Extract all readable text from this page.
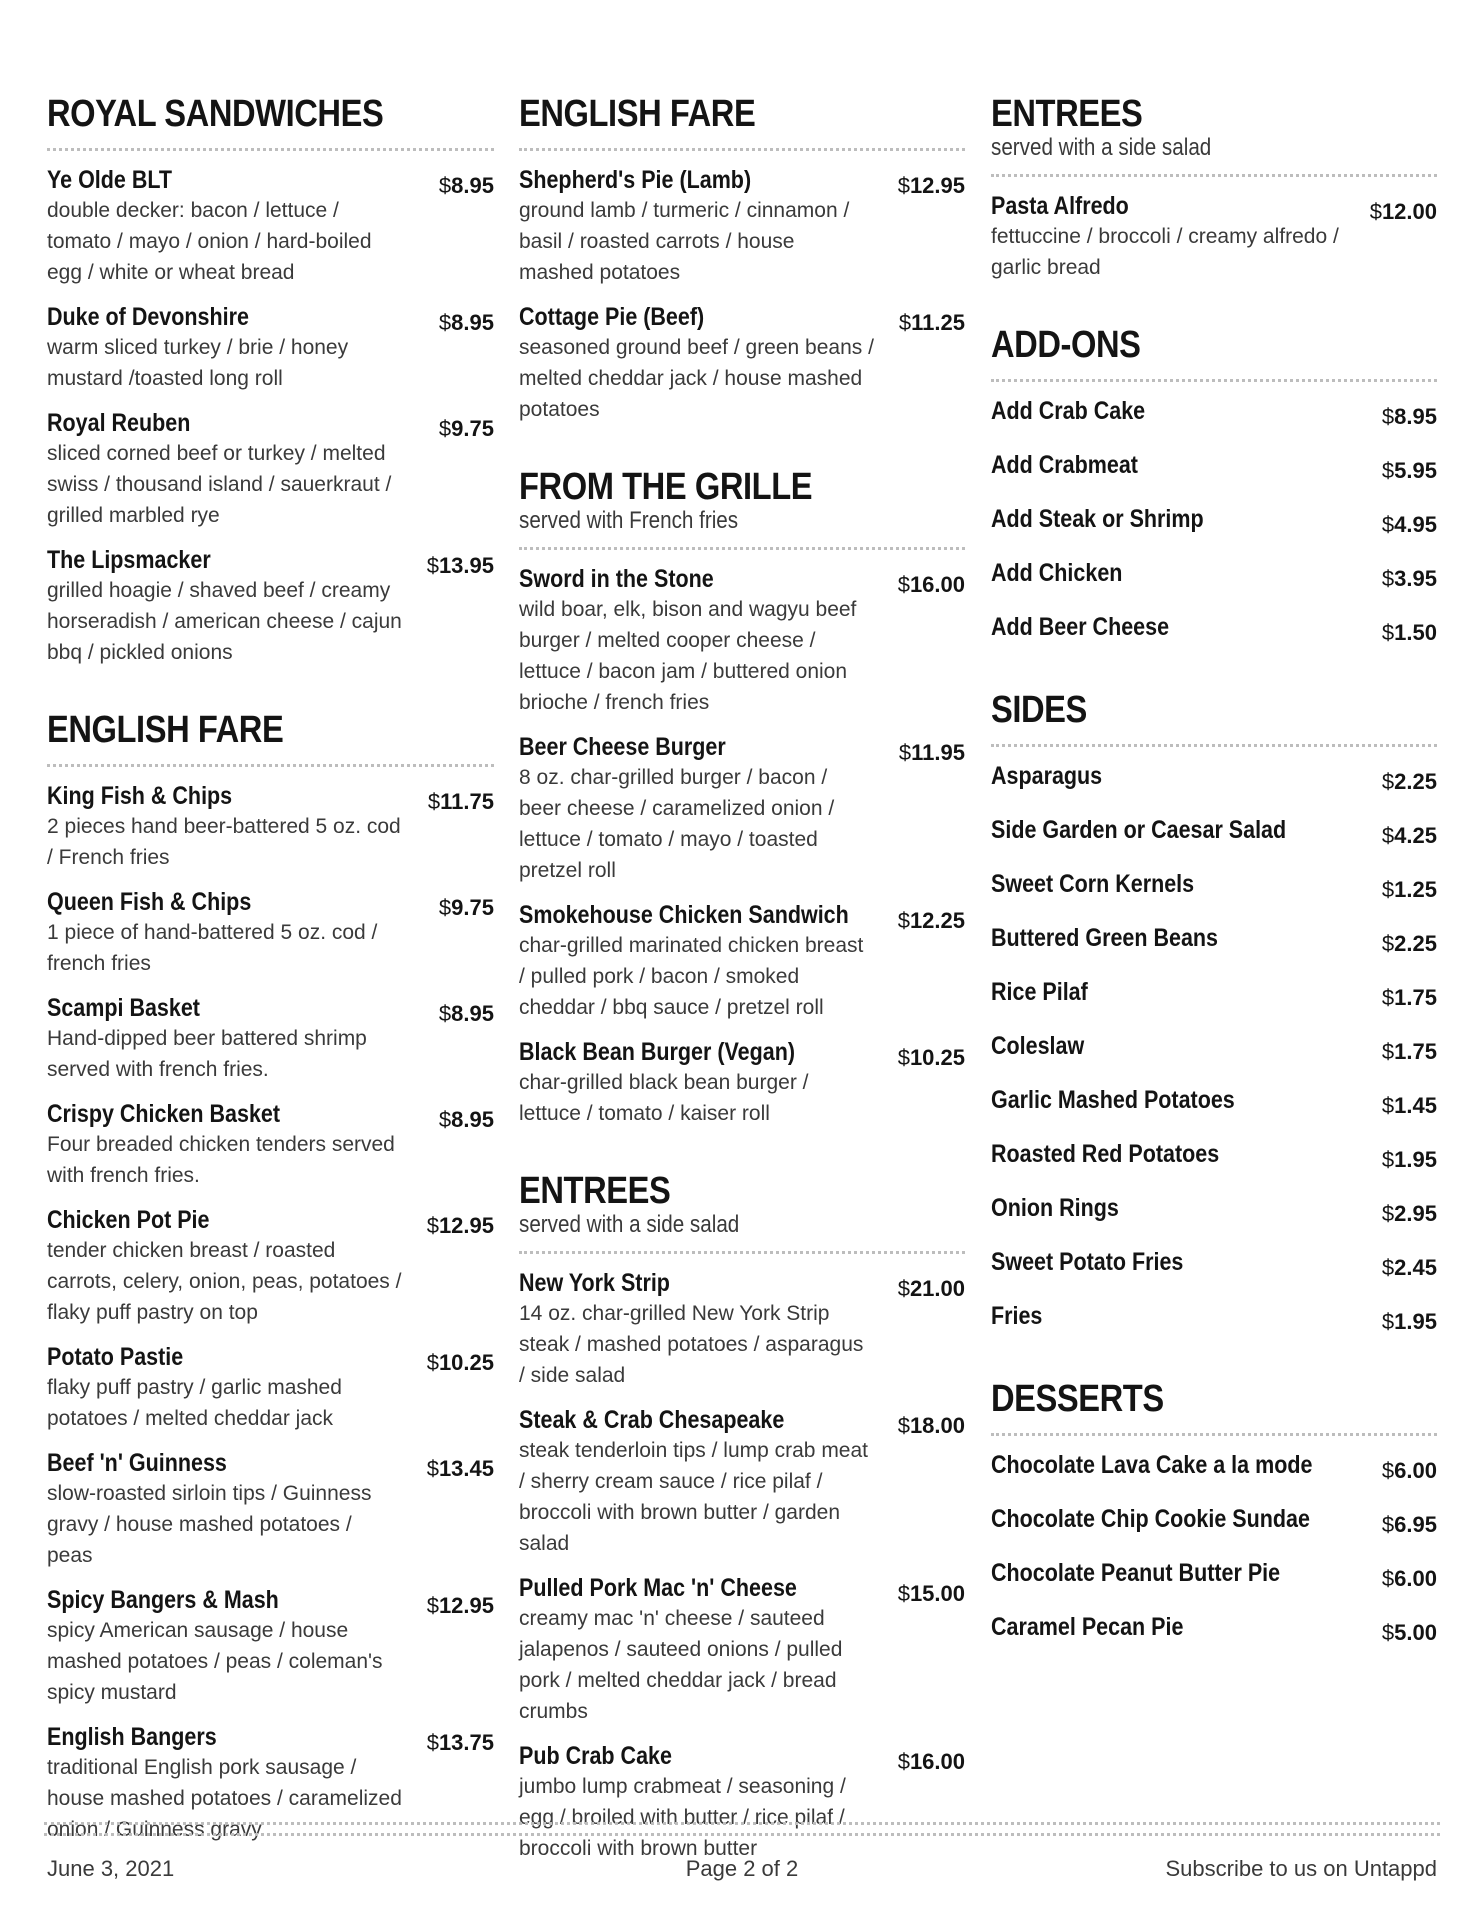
ROYAL SANDWICHES
Ye Olde BLT
double decker: bacon / lettuce / tomato / mayo / onion / hard-boiled egg / white or wheat bread
$8.95
Duke of Devonshire
warm sliced turkey / brie / honey mustard /toasted long roll
$8.95
Royal Reuben
sliced corned beef or turkey / melted swiss / thousand island / sauerkraut / grilled marbled rye
$9.75
The Lipsmacker
grilled hoagie / shaved beef / creamy horseradish / american cheese / cajun bbq / pickled onions
$13.95
ENGLISH FARE
King Fish & Chips
2 pieces hand beer-battered 5 oz. cod / French fries
$11.75
Queen Fish & Chips
1 piece of hand-battered 5 oz. cod / french fries
$9.75
Scampi Basket
Hand-dipped beer battered shrimp served with french fries.
$8.95
Crispy Chicken Basket
Four breaded chicken tenders served with french fries.
$8.95
Chicken Pot Pie
tender chicken breast / roasted carrots, celery, onion, peas, potatoes / flaky puff pastry on top
$12.95
Potato Pastie
flaky puff pastry / garlic mashed potatoes / melted cheddar jack
$10.25
Beef 'n' Guinness
slow-roasted sirloin tips / Guinness gravy / house mashed potatoes / peas
$13.45
Spicy Bangers & Mash
spicy American sausage / house mashed potatoes / peas / coleman's spicy mustard
$12.95
English Bangers
traditional English pork sausage / house mashed potatoes / caramelized onion / Guinness gravy
$13.75
ENGLISH FARE
Shepherd's Pie (Lamb)
ground lamb / turmeric / cinnamon / basil / roasted carrots / house mashed potatoes
$12.95
Cottage Pie (Beef)
seasoned ground beef / green beans / melted cheddar jack / house mashed potatoes
$11.25
FROM THE GRILLE
served with French fries
Sword in the Stone
wild boar, elk, bison and wagyu beef burger / melted cooper cheese / lettuce / bacon jam / buttered onion brioche / french fries
$16.00
Beer Cheese Burger
8 oz. char-grilled burger / bacon / beer cheese / caramelized onion / lettuce / tomato / mayo / toasted pretzel roll
$11.95
Smokehouse Chicken Sandwich
char-grilled marinated chicken breast / pulled pork / bacon / smoked cheddar / bbq sauce / pretzel roll
$12.25
Black Bean Burger (Vegan)
char-grilled black bean burger / lettuce / tomato / kaiser roll
$10.25
ENTREES
served with a side salad
New York Strip
14 oz. char-grilled New York Strip steak / mashed potatoes / asparagus / side salad
$21.00
Steak & Crab Chesapeake
steak tenderloin tips / lump crab meat / sherry cream sauce / rice pilaf / broccoli with brown butter / garden salad
$18.00
Pulled Pork Mac 'n' Cheese
creamy mac 'n' cheese / sauteed jalapenos / sauteed onions / pulled pork / melted cheddar jack / bread crumbs
$15.00
Pub Crab Cake
jumbo lump crabmeat / seasoning / egg / broiled with butter / rice pilaf / broccoli with brown butter
$16.00
ENTREES
served with a side salad
Pasta Alfredo
fettuccine / broccoli / creamy alfredo / garlic bread
$12.00
ADD-ONS
Add Crab Cake	$8.95
Add Crabmeat	$5.95
Add Steak or Shrimp	$4.95
Add Chicken	$3.95
Add Beer Cheese	$1.50
SIDES
Asparagus	$2.25
Side Garden or Caesar Salad	$4.25
Sweet Corn Kernels	$1.25
Buttered Green Beans	$2.25
Rice Pilaf	$1.75
Coleslaw	$1.75
Garlic Mashed Potatoes	$1.45
Roasted Red Potatoes	$1.95
Onion Rings	$2.95
Sweet Potato Fries	$2.45
Fries	$1.95
DESSERTS
Chocolate Lava Cake a la mode	$6.00
Chocolate Chip Cookie Sundae	$6.95
Chocolate Peanut Butter Pie	$6.00
Caramel Pecan Pie	$5.00
June 3, 2021	Page 2 of 2	Subscribe to us on Untappd
